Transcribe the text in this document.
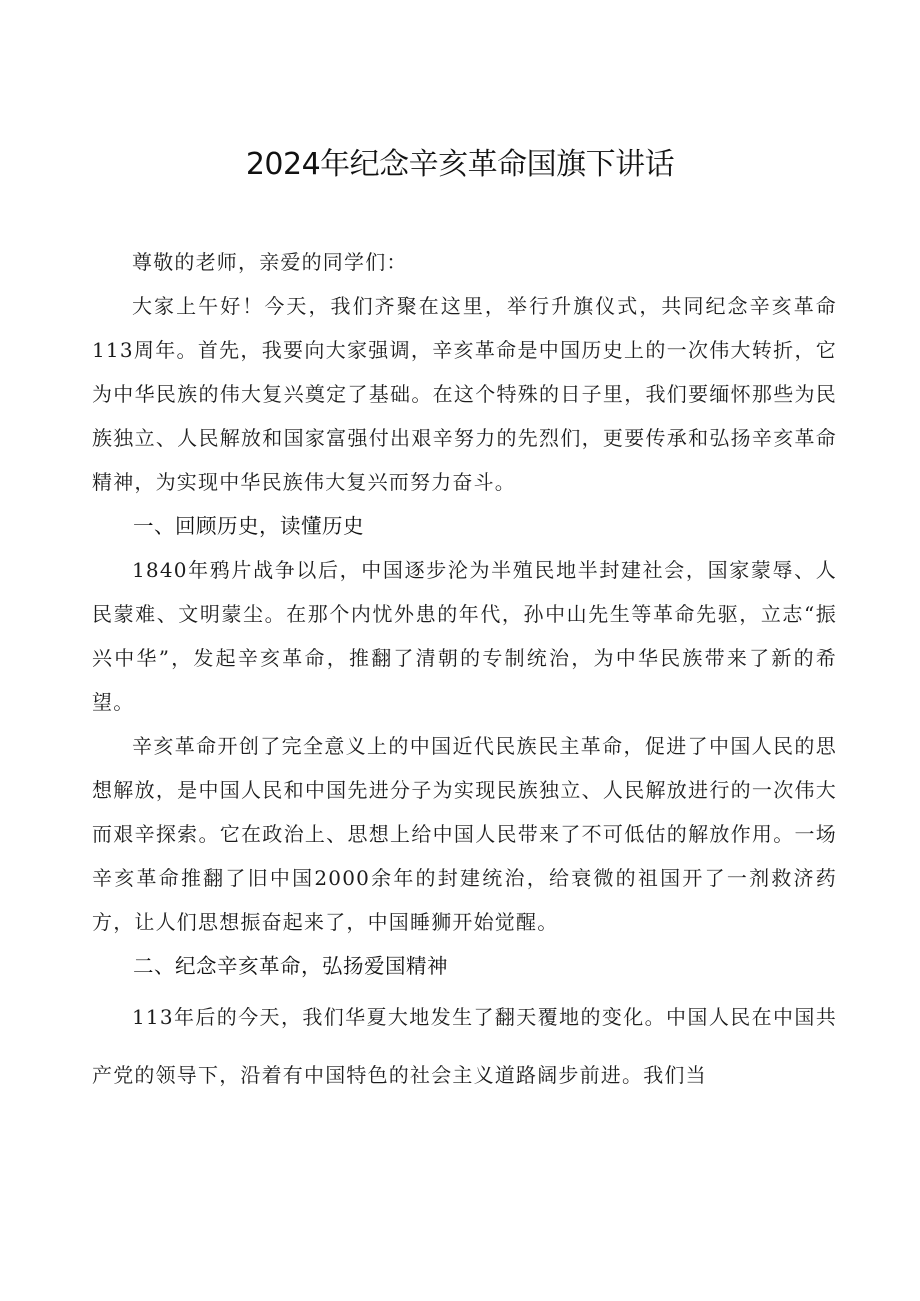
2024年纪念辛亥革命国旗下讲话

尊敬的老师，亲爱的同学们：

大家上午好！今天，我们齐聚在这里，举行升旗仪式，共同纪念辛亥革命113周年。首先，我要向大家强调，辛亥革命是中国历史上的一次伟大转折，它为中华民族的伟大复兴奠定了基础。在这个特殊的日子里，我们要缅怀那些为民族独立、人民解放和国家富强付出艰辛努力的先烈们，更要传承和弘扬辛亥革命精神，为实现中华民族伟大复兴而努力奋斗。

一、回顾历史，读懂历史

1840年鸦片战争以后，中国逐步沦为半殖民地半封建社会，国家蒙辱、人民蒙难、文明蒙尘。在那个内忧外患的年代，孙中山先生等革命先驱，立志“振兴中华”，发起辛亥革命，推翻了清朝的专制统治，为中华民族带来了新的希望。

辛亥革命开创了完全意义上的中国近代民族民主革命，促进了中国人民的思想解放，是中国人民和中国先进分子为实现民族独立、人民解放进行的一次伟大而艰辛探索。它在政治上、思想上给中国人民带来了不可低估的解放作用。一场辛亥革命推翻了旧中国2000余年的封建统治，给衰微的祖国开了一剂救济药方，让人们思想振奋起来了，中国睡狮开始觉醒。

二、纪念辛亥革命，弘扬爱国精神

113年后的今天，我们华夏大地发生了翻天覆地的变化。中国人民在中国共产党的领导下，沿着有中国特色的社会主义道路阔步前进。我们当
